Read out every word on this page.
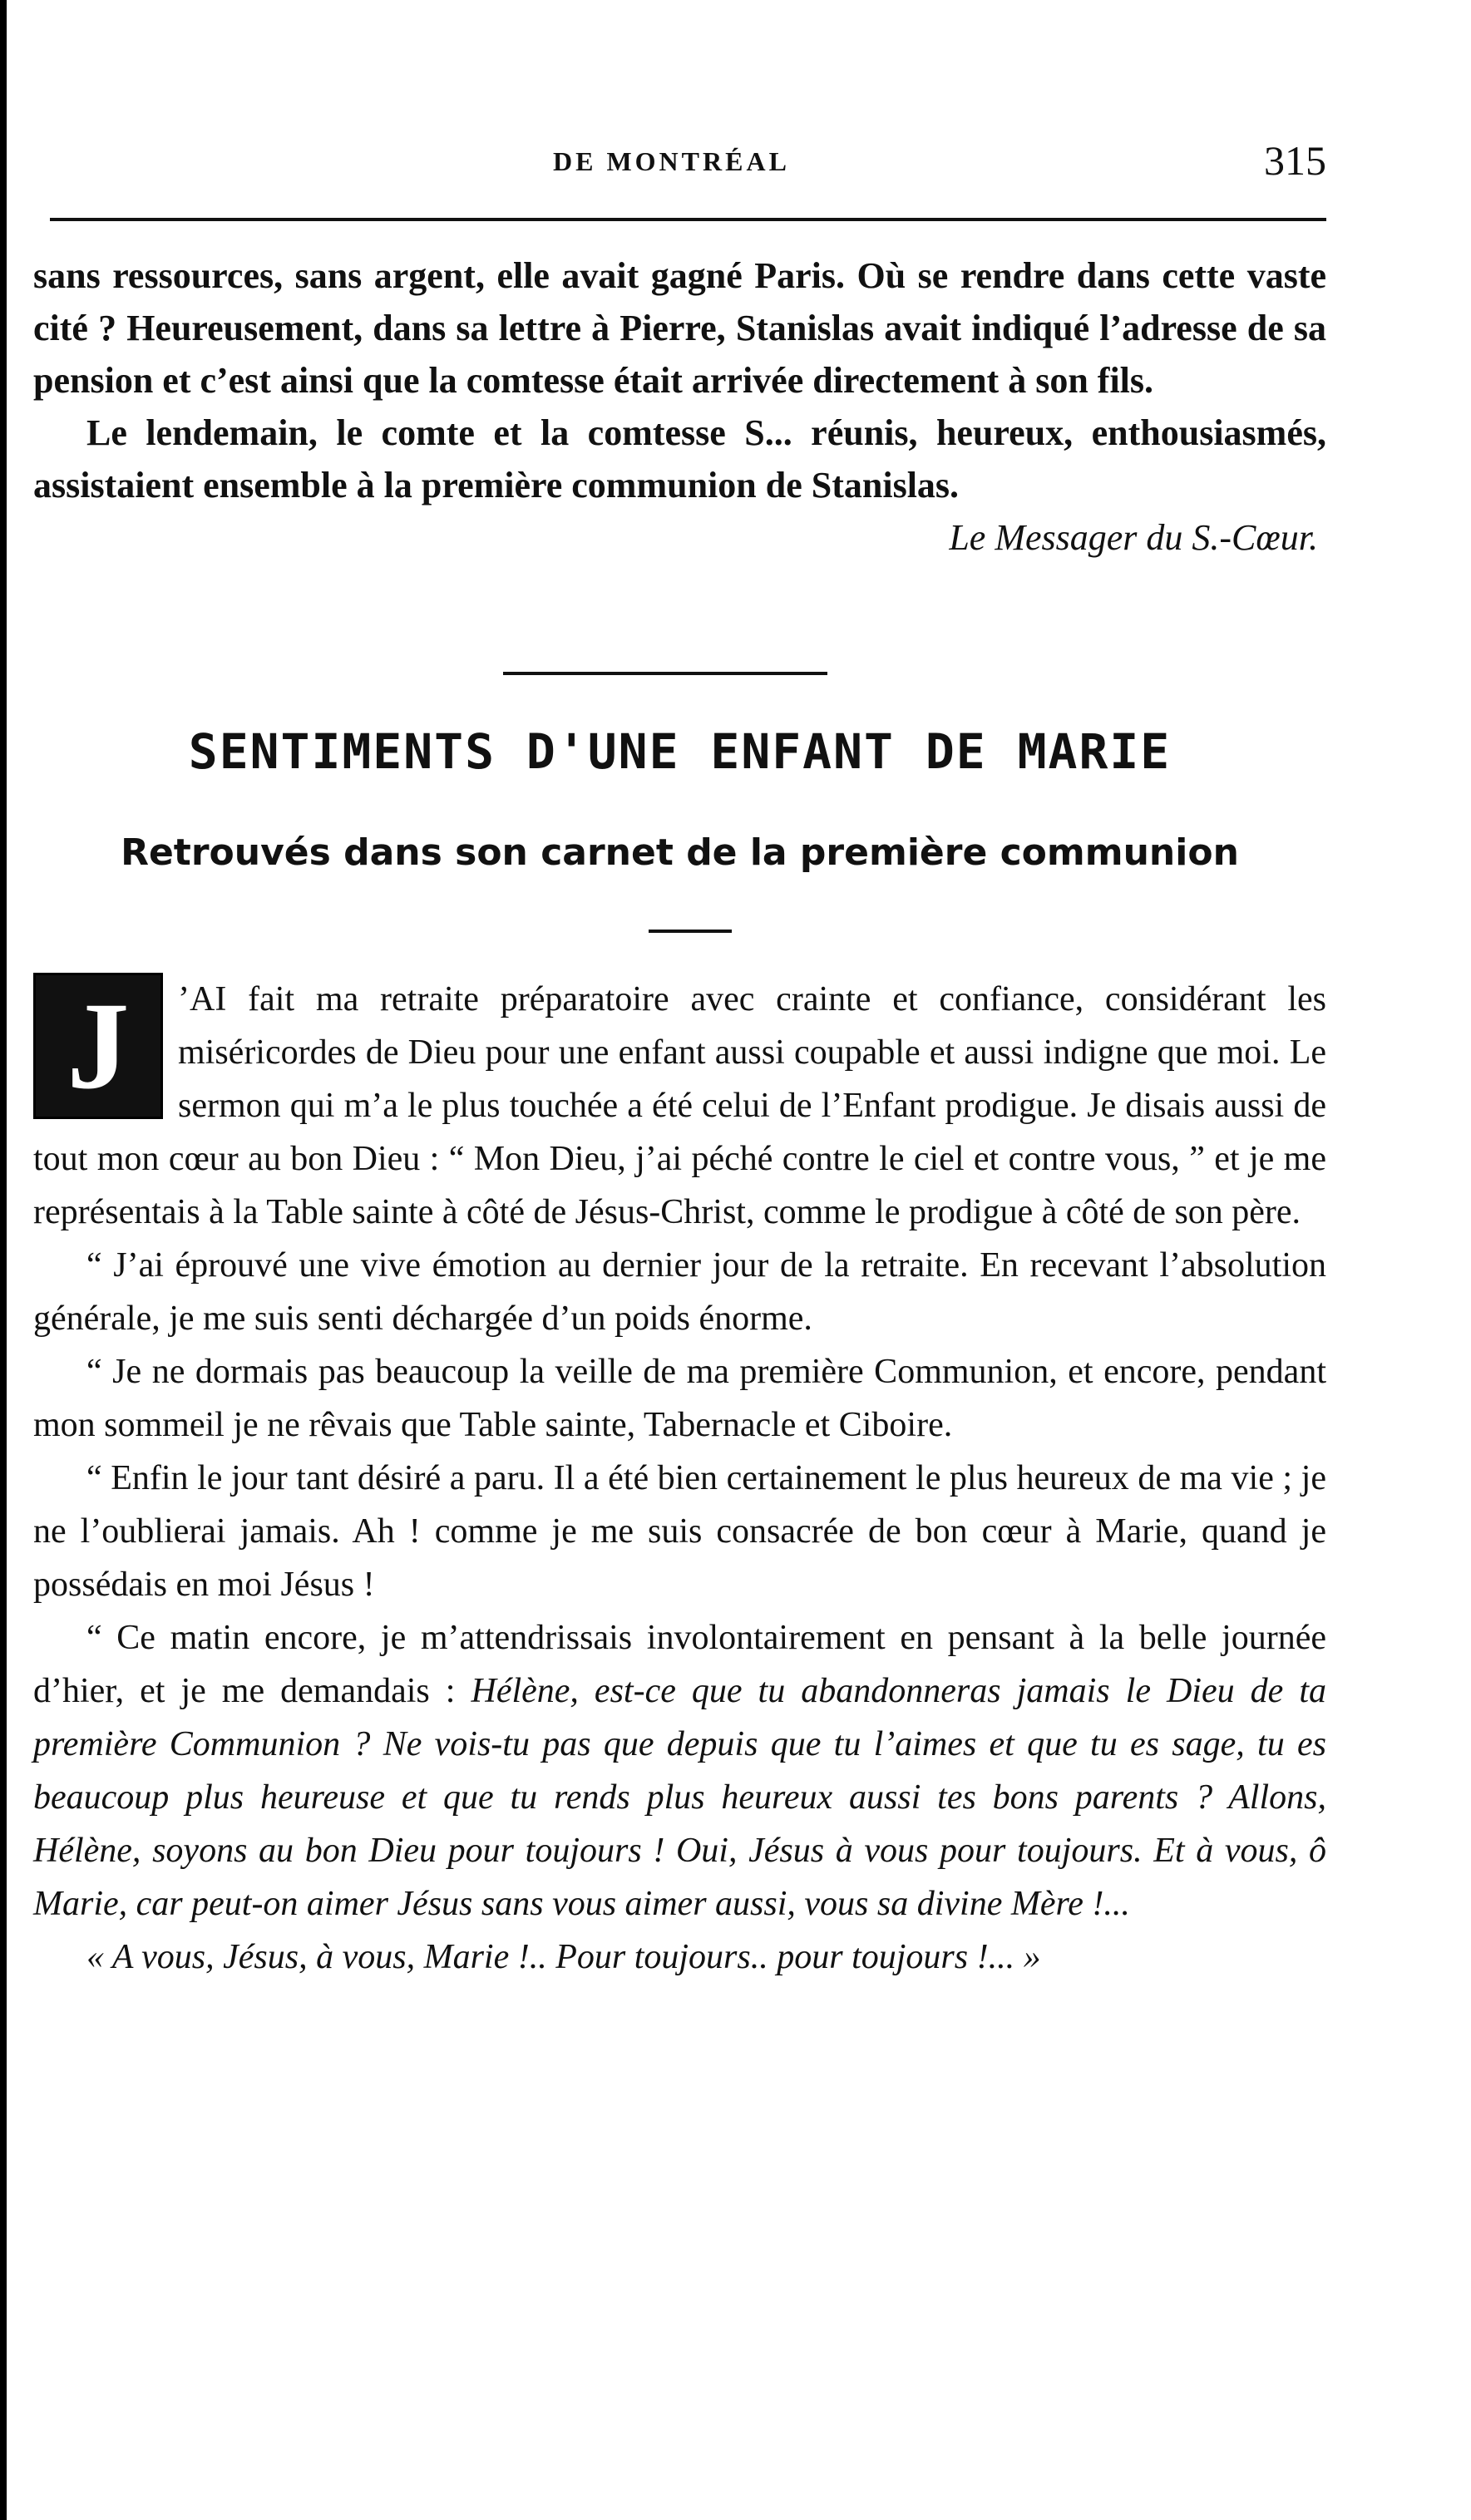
DE MONTRÉAL	315

sans ressources, sans argent, elle avait gagné Paris. Où se rendre dans cette vaste cité ? Heureusement, dans sa lettre à Pierre, Stanislas avait indiqué l’adresse de sa pension et c’est ainsi que la comtesse était arrivée directement à son fils.

Le lendemain, le comte et la comtesse S... réunis, heureux, enthousiasmés, assistaient ensemble à la première communion de Stanislas.

Le Messager du S.-Cœur.

SENTIMENTS D'UNE ENFANT DE MARIE
Retrouvés dans son carnet de la première communion

J	’AI fait ma retraite préparatoire avec crainte et confiance, considérant les miséricordes de Dieu pour une enfant aussi coupable et aussi indigne que moi. Le sermon qui m’a le plus touchée a été celui de l’Enfant prodigue. Je disais aussi de tout mon cœur au bon Dieu : “ Mon Dieu, j’ai péché contre le ciel et contre vous, ” et je me représentais à la Table sainte à côté de Jésus-Christ, comme le prodigue à côté de son père.

“ J’ai éprouvé une vive émotion au dernier jour de la retraite. En recevant l’absolution générale, je me suis senti déchargée d’un poids énorme.

“ Je ne dormais pas beaucoup la veille de ma première Communion, et encore, pendant mon sommeil je ne rêvais que Table sainte, Tabernacle et Ciboire.

“ Enfin le jour tant désiré a paru. Il a été bien certainement le plus heureux de ma vie ; je ne l’oublierai jamais. Ah ! comme je me suis consacrée de bon cœur à Marie, quand je possédais en moi Jésus !

“ Ce matin encore, je m’attendrissais involontairement en pensant à la belle journée d’hier, et je me demandais : Hélène, est-ce que tu abandonneras jamais le Dieu de ta première Communion ? Ne vois-tu pas que depuis que tu l’aimes et que tu es sage, tu es beaucoup plus heureuse et que tu rends plus heureux aussi tes bons parents ? Allons, Hélène, soyons au bon Dieu pour toujours ! Oui, Jésus à vous pour toujours. Et à vous, ô Marie, car peut-on aimer Jésus sans vous aimer aussi, vous sa divine Mère !...

« A vous, Jésus, à vous, Marie !.. Pour toujours.. pour toujours !... »
